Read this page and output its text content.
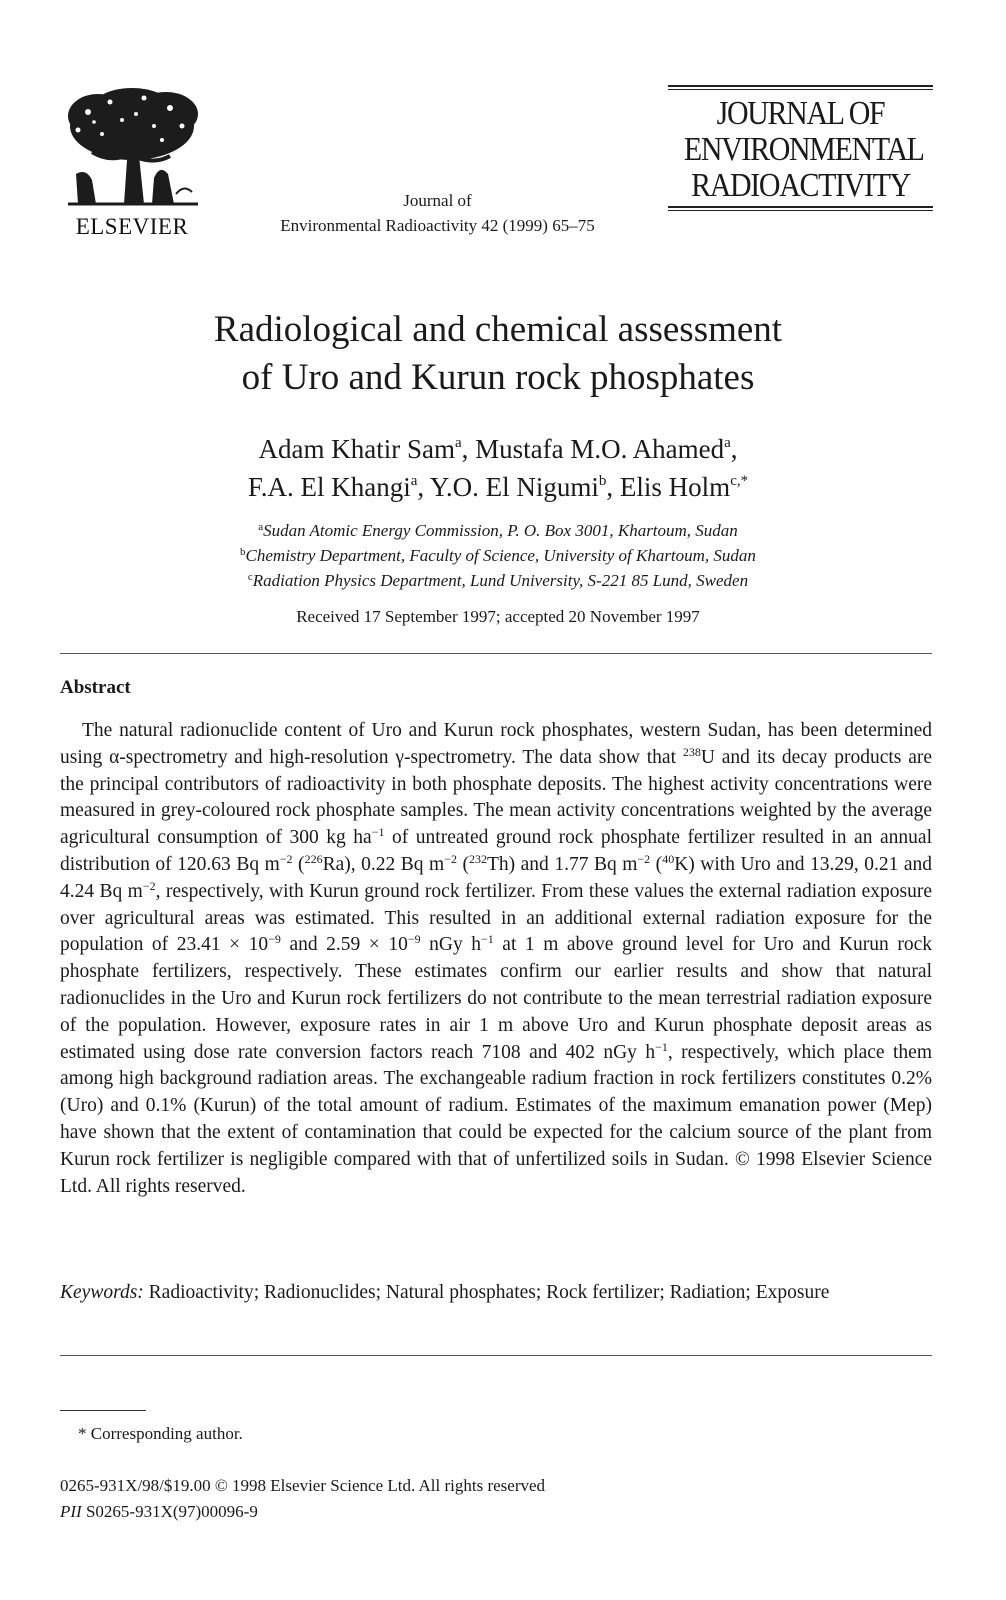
ELSEVIER
Journal of
Environmental Radioactivity 42 (1999) 65–75
JOURNAL OF
ENVIRONMENTAL
RADIOACTIVITY
Radiological and chemical assessment
of Uro and Kurun rock phosphates
Adam Khatir Sam$^a$, Mustafa M.O. Ahamed$^a$,
F.A. El Khangi$^a$, Y.O. El Nigumi$^b$, Elis Holm$^{c,*}$
$^a$Sudan Atomic Energy Commission, P. O. Box 3001, Khartoum, Sudan
$^b$Chemistry Department, Faculty of Science, University of Khartoum, Sudan
$^c$Radiation Physics Department, Lund University, S-221 85 Lund, Sweden
Received 17 September 1997; accepted 20 November 1997
Abstract
The natural radionuclide content of Uro and Kurun rock phosphates, western Sudan, has been determined using α-spectrometry and high-resolution γ-spectrometry. The data show that $^{238}$U and its decay products are the principal contributors of radioactivity in both phosphate deposits. The highest activity concentrations were measured in grey-coloured rock phosphate samples. The mean activity concentrations weighted by the average agricultural consumption of 300 kg $ha^{-1}$ of untreated ground rock phosphate fertilizer resulted in an annual distribution of 120.63 Bq $m^{-2}$ ($^{226}$Ra), 0.22 Bq $m^{-2}$ ($^{232}$Th) and 1.77 Bq $m^{-2}$ ($^{40}$K) with Uro and 13.29, 0.21 and 4.24 Bq $m^{-2}$, respectively, with Kurun ground rock fertilizer. From these values the external radiation exposure over agricultural areas was estimated. This resulted in an additional external radiation exposure for the population of $23.41 \times 10^{-9}$ and $2.59 \times 10^{-9}$ nGy $h^{-1}$ at 1 m above ground level for Uro and Kurun rock phosphate fertilizers, respectively. These estimates confirm our earlier results and show that natural radionuclides in the Uro and Kurun rock fertilizers do not contribute to the mean terrestrial radiation exposure of the population. However, exposure rates in air 1 m above Uro and Kurun phosphate deposit areas as estimated using dose rate conversion factors reach 7108 and 402 nGy $h^{-1}$, respectively, which place them among high background radiation areas. The exchangeable radium fraction in rock fertilizers constitutes 0.2% (Uro) and 0.1% (Kurun) of the total amount of radium. Estimates of the maximum emanation power (Mep) have shown that the extent of contamination that could be expected for the calcium source of the plant from Kurun rock fertilizer is negligible compared with that of unfertilized soils in Sudan. © 1998 Elsevier Science Ltd. All rights reserved.
Keywords: Radioactivity; Radionuclides; Natural phosphates; Rock fertilizer; Radiation; Exposure
* Corresponding author.
0265-931X/98/$19.00 © 1998 Elsevier Science Ltd. All rights reserved
PII S0265-931X(97)00096-9
